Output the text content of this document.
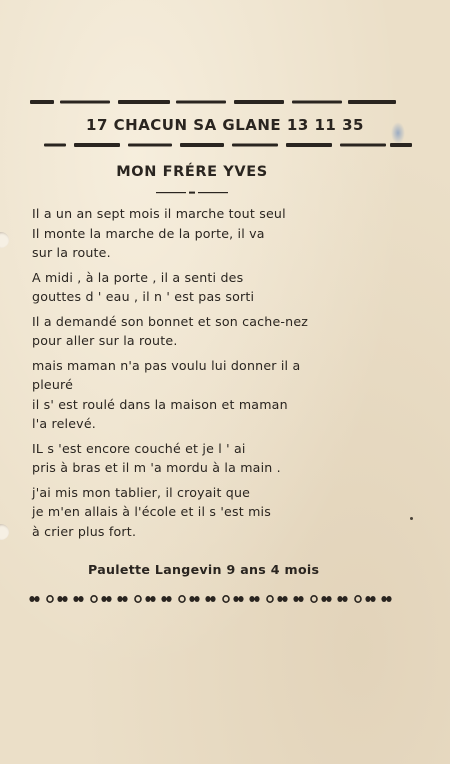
17 CHACUN SA GLANE 13 11 35
MON FRÉRE YVES
Il a un an sept mois il marche tout seul
Il monte la marche de la porte, il va
sur la route.
A midi , à la porte , il a senti des
gouttes d ' eau , il n ' est pas sorti
Il a demandé son bonnet et son cache-nez
pour aller sur la route.
mais maman n'a pas voulu lui donner il a
pleuré
il s' est roulé dans la maison et maman
l'a relevé.
IL s 'est encore couché et je l ' ai
pris à bras et il m 'a mordu à la main .
j'ai mis mon tablier, il croyait que
je m'en allais à l'école et il s 'est mis
à crier plus fort.
Paulette Langevin 9 ans 4 mois
